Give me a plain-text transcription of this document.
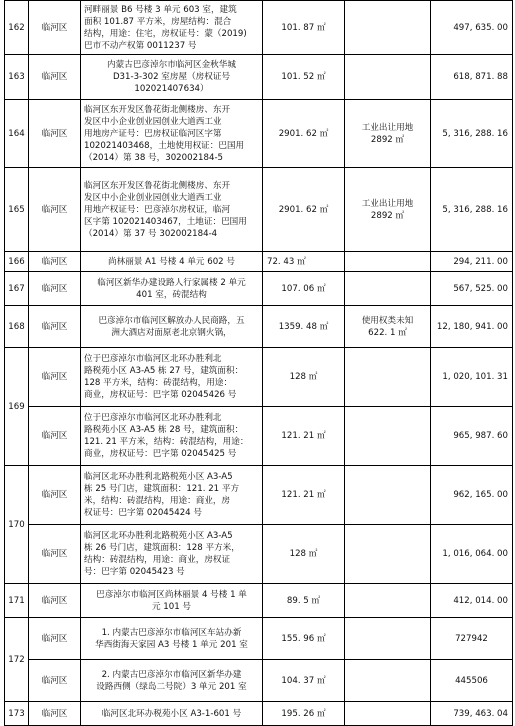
162	临河区	河畔丽景 B6 号楼 3 单元 603 室，建筑
面积 101.87 平方米，房屋结构：混合
结构，用途：住宅，房权证号：蒙（2019)
巴市不动产权第 0011237 号	101. 87 ㎡		497, 635. 00
163	临河区	内蒙古巴彦淖尔市临河区金秋华城
D31-3-302 室房屋（房权证号
102021407634）	101. 52 ㎡		618, 871. 88
164	临河区	临河区东开发区鲁花街北侧楼房、东开
发区中小企业创业园创业大道西工业
用地房产证号：巴房权证临河区字第
102021403468，土地使用权证：巴国用
（2014）第 38 号，302002184-5	2901. 62 ㎡	工业出让用地
2892 ㎡	5, 316, 288. 16
165	临河区	临河区东开发区鲁花街北侧楼房、东开
发区中小企业创业园创业大道西工业
用地产权证号：巴彦淖尔房权证，临河
区字第 102021403467，土地证：巴国用
（2014）第 37 号 302002184-4	2901. 62 ㎡	工业出让用地
2892 ㎡	5, 316, 288. 16
166	临河区	尚林丽景 A1 号楼 4 单元 602 号	72. 43 ㎡		294, 211. 00
167	临河区	临河区新华办建设路人行家属楼 2 单元
401 室，砖混结构	107. 06 ㎡		567, 525. 00
168	临河区	巴彦淖尔市临河区解放办人民商路，五
洲大酒店对面原老北京钢火锅，	1359. 48 ㎡	使用权类未知
622. 1 ㎡	12, 180, 941. 00
169	临河区	位于巴彦淖尔市临河区北环办胜利北
路税苑小区 A3-A5 栋 27 号，建筑面积：
128 平方米，结构：砖混结构，用途：
商业，房权证号：巴字第 02045426 号	128 ㎡		1, 020, 101. 31
	临河区	位于巴彦淖尔市临河区北环办胜利北
路税苑小区 A3-A5 栋 28 号，建筑面积：
121. 21 平方米，结构：砖混结构，用途：
商业，房权证号：巴字第 02045425 号	121. 21 ㎡		965, 987. 60
170	临河区	临河区北环办胜利北路税苑小区 A3-A5
栋 25 号门店，建筑面积：121. 21 平方
米，结构：砖混结构，用途：商业，房
权证号：巴字第 02045424 号	121. 21 ㎡		962, 165. 00
	临河区	临河区北环办胜利北路税苑小区 A3-A5
栋 26 号门店，建筑面积：128 平方米，
结构：砖混结构，用途：商业，房权证
号：巴字第 02045423 号	128 ㎡		1, 016, 064. 00
171	临河区	巴彦淖尔市临河区尚林丽景 4 号楼 1 单
元 101 号	89. 5 ㎡		412, 014. 00
172	临河区	1. 内蒙古巴彦淖尔市临河区车站办新
华西街海天家园 A3 号楼 1 单元 201 室	155. 96 ㎡		727942
	临河区	2. 内蒙古巴彦淖尔市临河区新华办建
设路西侧（绿岛二号院）3 单元 201 室	104. 37 ㎡		445506
173	临河区	临河区北环办税苑小区 A3-1-601 号	195. 26 ㎡		739, 463. 04
